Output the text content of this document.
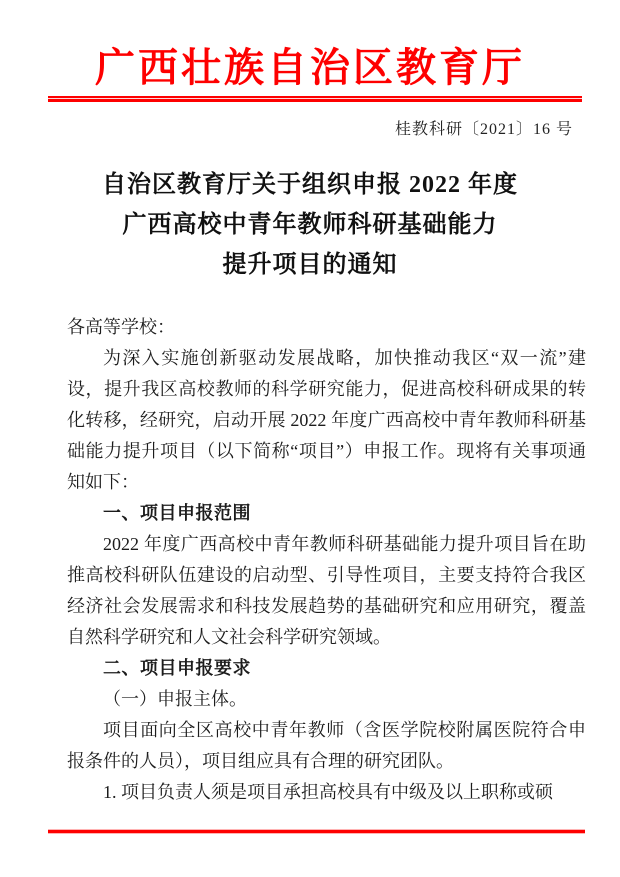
广西壮族自治区教育厅
桂教科研〔2021〕16 号
自治区教育厅关于组织申报 2022 年度
广西高校中青年教师科研基础能力
提升项目的通知
各高等学校：
为深入实施创新驱动发展战略，加快推动我区“双一流”建设，提升我区高校教师的科学研究能力，促进高校科研成果的转化转移，经研究，启动开展 2022 年度广西高校中青年教师科研基础能力提升项目（以下简称“项目”）申报工作。现将有关事项通知如下：
一、项目申报范围
2022 年度广西高校中青年教师科研基础能力提升项目旨在助推高校科研队伍建设的启动型、引导性项目，主要支持符合我区经济社会发展需求和科技发展趋势的基础研究和应用研究，覆盖自然科学研究和人文社会科学研究领域。
二、项目申报要求
（一）申报主体。
项目面向全区高校中青年教师（含医学院校附属医院符合申报条件的人员），项目组应具有合理的研究团队。
1. 项目负责人须是项目承担高校具有中级及以上职称或硕
